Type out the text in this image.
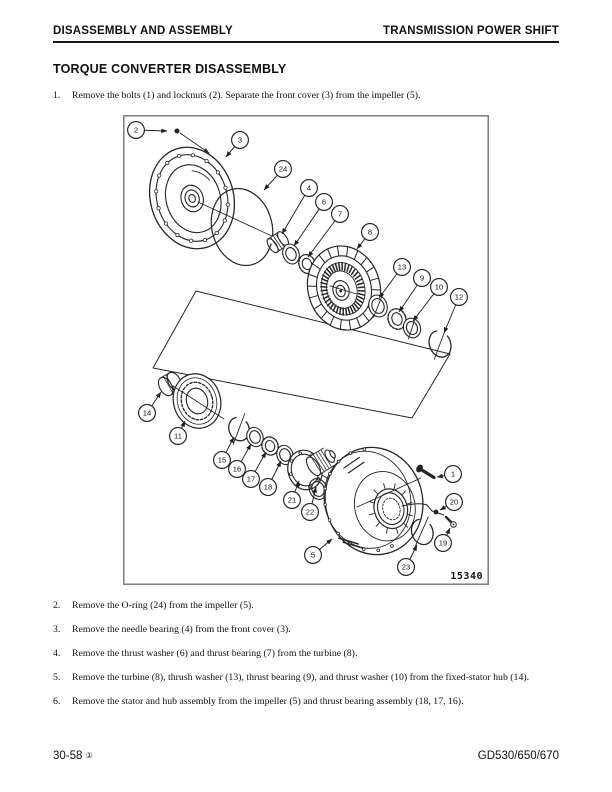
DISASSEMBLY AND ASSEMBLY	TRANSMISSION POWER SHIFT
TORQUE CONVERTER DISASSEMBLY
1.	Remove the bolts (1) and locknuts (2). Separate the front cover (3) from the impeller (5).
2.	Remove the O-ring (24) from the impeller (5).
3.	Remove the needle bearing (4) from the front cover (3).
4.	Remove the thrust washer (6) and thrust bearing (7) from the turbine (8).
5.	Remove the turbine (8), thrush washer (13), thrust bearing (9), and thrust washer (10) from the fixed-stator hub (14).
6.	Remove the stator and hub assembly from the impeller (5) and thrust bearing assembly (18, 17, 16).
1
2
3
4
5
6
7
8
9
10
11
12
13
14
15
16
17
18
19
20
21
22
23
24
15340
30-58 ①	GD530/650/670
